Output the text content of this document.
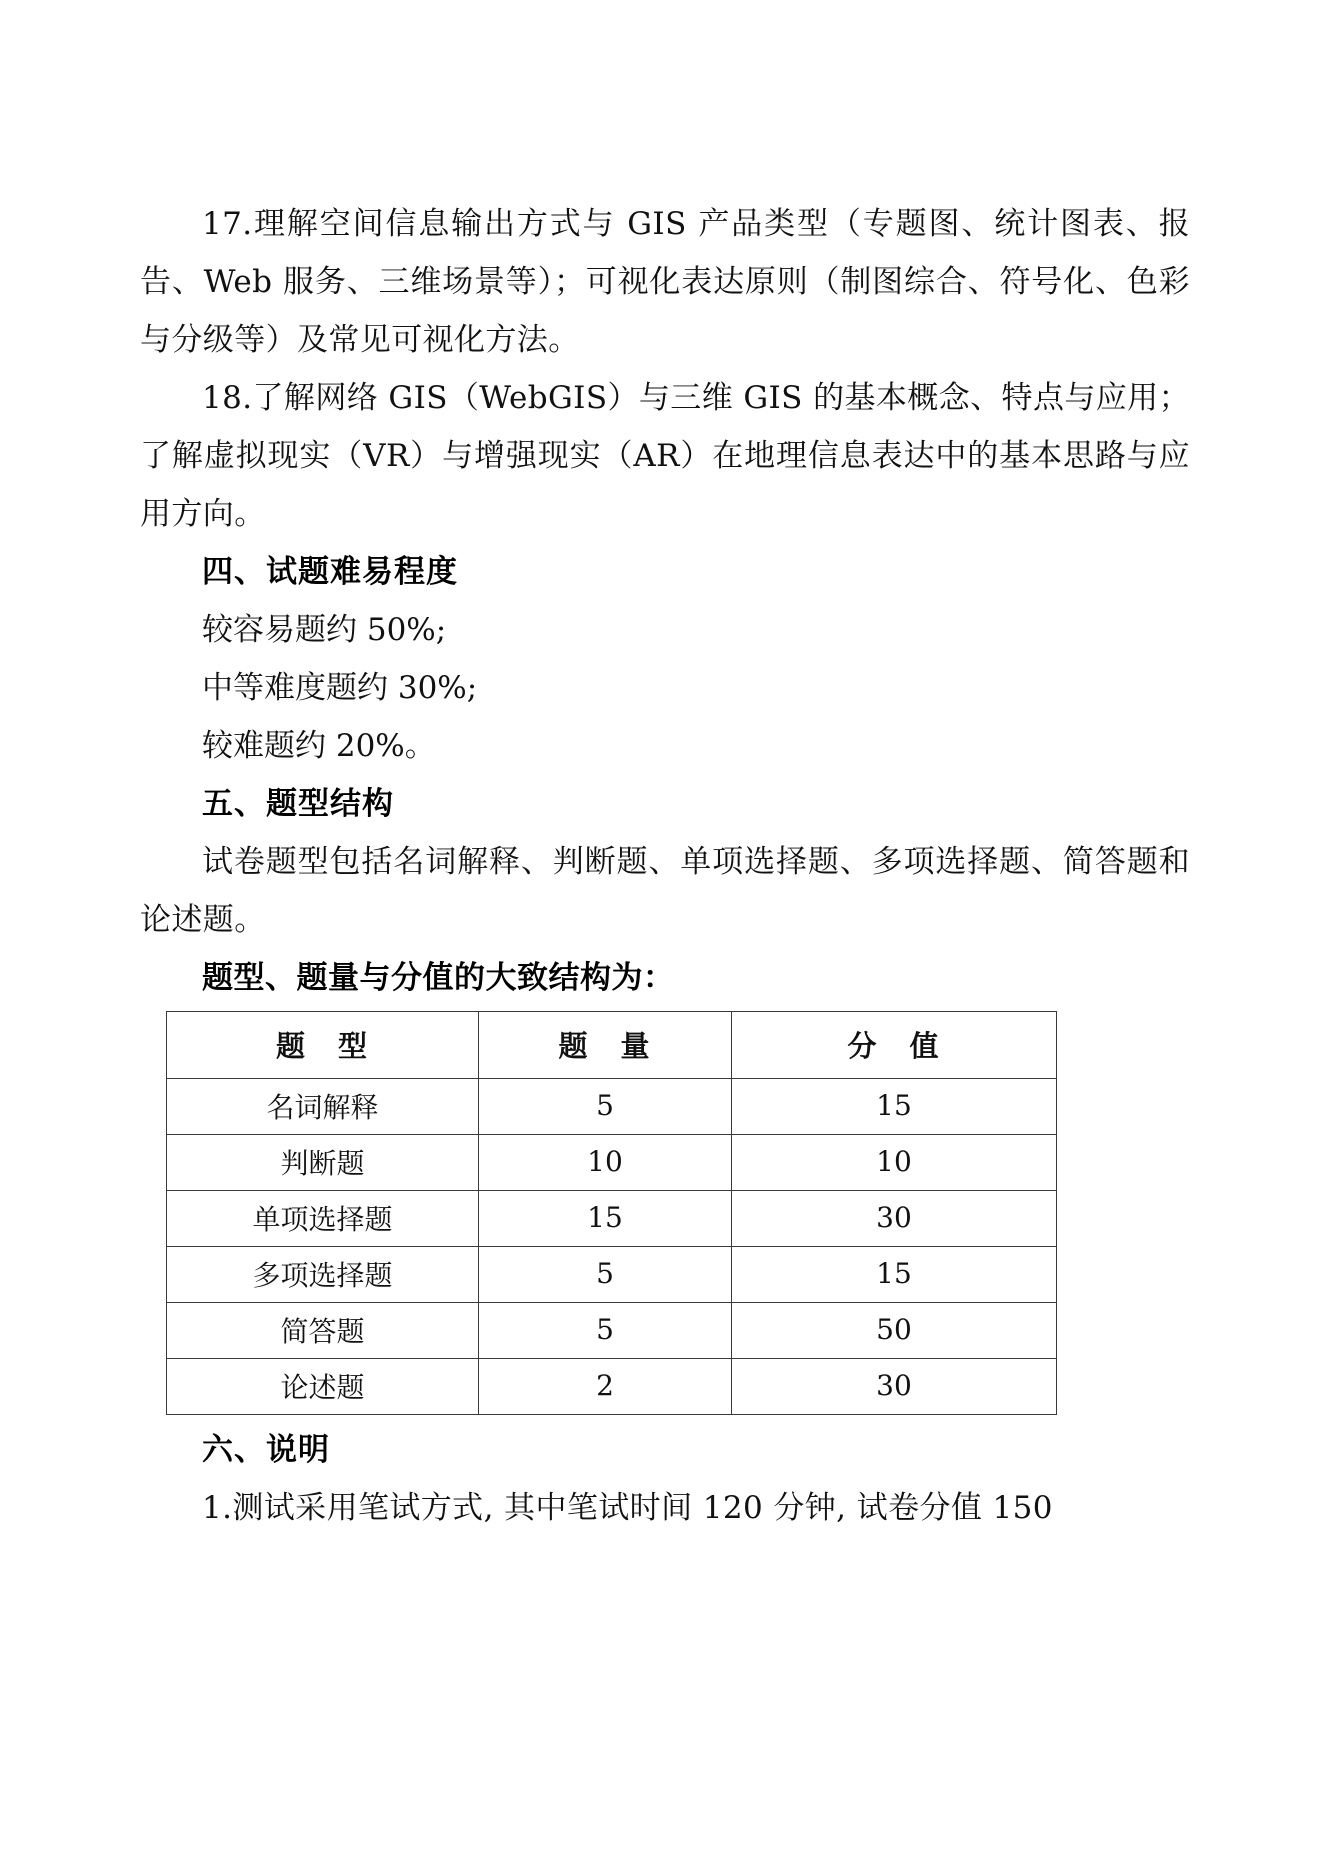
17.理解空间信息输出方式与 GIS 产品类型（专题图、统计图表、报告、Web 服务、三维场景等）；可视化表达原则（制图综合、符号化、色彩与分级等）及常见可视化方法。

18.了解网络 GIS（WebGIS）与三维 GIS 的基本概念、特点与应用；了解虚拟现实（VR）与增强现实（AR）在地理信息表达中的基本思路与应用方向。

四、试题难易程度

较容易题约 50%;

中等难度题约 30%;

较难题约 20%。

五、题型结构

试卷题型包括名词解释、判断题、单项选择题、多项选择题、简答题和论述题。

题型、题量与分值的大致结构为：

题　型	题　量	分　值
名词解释	5	15
判断题	10	10
单项选择题	15	30
多项选择题	5	15
简答题	5	50
论述题	2	30
六、说明

1.测试采用笔试方式, 其中笔试时间 120 分钟, 试卷分值 150
